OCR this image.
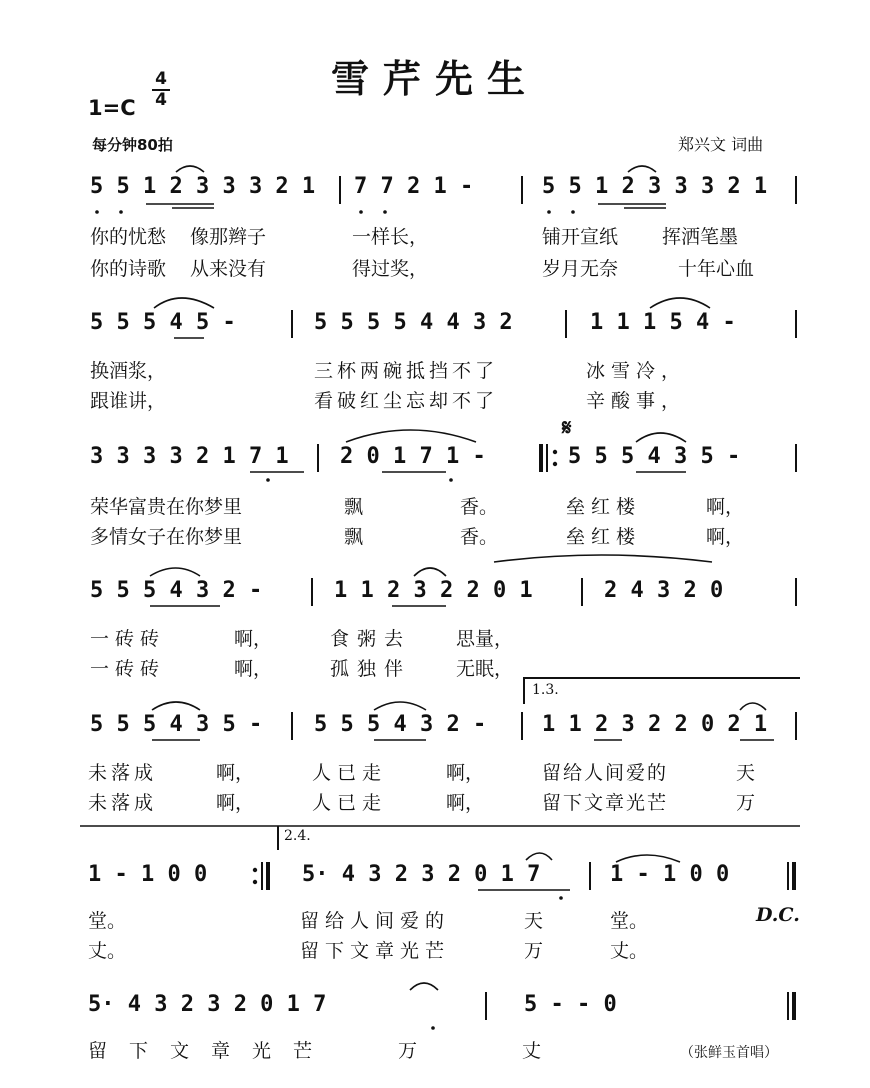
雪芹先生
$1=C \frac{4}{4}$
每分钟80拍	郑兴文 词曲
5 5 1 2 3 3 3 2 1 7 7 2 1 -	5 5 1 2 3 3 3 2 1
你的忧愁 像那辫子	一样长，	铺开宣纸 挥洒笔墨
你的诗歌 从来没有	得过奖，	岁月无奈	十年心血
5 5 5 4 5 -	5 5 5 5 4 4 3 2	1 1 1 5 4 -
换酒浆，	三杯两碗抵挡不了	冰雪冷，
跟谁讲，	看破红尘忘却不了	辛酸事，
3 3 3 3 2 1 7 1 2 0 1 7 1 -
𝄋
5 5 5 4 3 5 -
荣华富贵在你梦里	飘	香。	垒红楼	啊，
多情女子在你梦里	飘	香。	垒红楼	啊，
5 5 5 4 3 2 -	1 1 2 3 2 2 0 1	2 4 3 2 0
一砖砖	啊，	食粥去 思量，
一砖砖	啊，	孤独伴 无眠，
1.3.
5 5 5 4 3 5 - 5 5 5 4 3 2 -	1 1 2 3 2 2 0 2 1
未落成	啊，	人已走	啊，	留给人间爱的	天
未落成	啊，	人已走	啊，	留下文章光芒	万
2.4.
1 - 1 0 0	5· 4 3 2 3 2 0 1 7	1 - 1 0 0
堂。	留给人间爱的	天	堂。	D.C.
丈。	留下文章光芒	万	丈。
5· 4 3 2 3 2 0 1 7	5 - - 0
留下文章光芒	万	丈	（张鲜玉首唱）
